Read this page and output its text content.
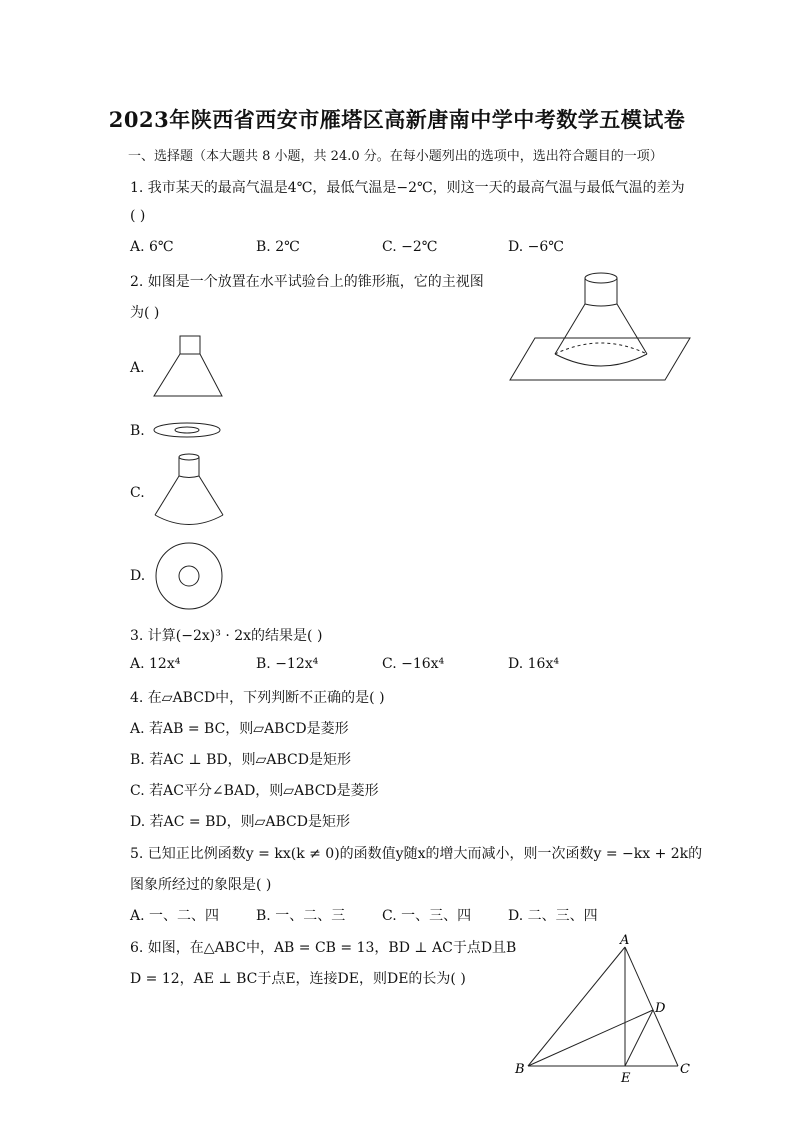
2023年陕西省西安市雁塔区高新唐南中学中考数学五模试卷
一、选择题（本大题共 8 小题，共 24.0 分。在每小题列出的选项中，选出符合题目的一项）
1. 我市某天的最高气温是4℃，最低气温是−2℃，则这一天的最高气温与最低气温的差为
( )
A. 6℃	B. 2℃	C. −2℃	D. −6℃
2. 如图是一个放置在水平试验台上的锥形瓶，它的主视图
为( )
A.
B.
C.
D.
3. 计算(−2x)³ · 2x的结果是( )
A. 12x⁴	B. −12x⁴	C. −16x⁴	D. 16x⁴
4. 在▱ABCD中，下列判断不正确的是( )
A. 若AB = BC，则▱ABCD是菱形
B. 若AC ⊥ BD，则▱ABCD是矩形
C. 若AC平分∠BAD，则▱ABCD是菱形
D. 若AC = BD，则▱ABCD是矩形
5. 已知正比例函数y = kx(k ≠ 0)的函数值y随x的增大而减小，则一次函数y = −kx + 2k的
图象所经过的象限是( )
A. 一、二、四	B. 一、二、三	C. 一、三、四	D. 二、三、四
6. 如图，在△ABC中，AB = CB = 13，BD ⊥ AC于点D且B
D = 12，AE ⊥ BC于点E，连接DE，则DE的长为( )
A
B	C
D
E
